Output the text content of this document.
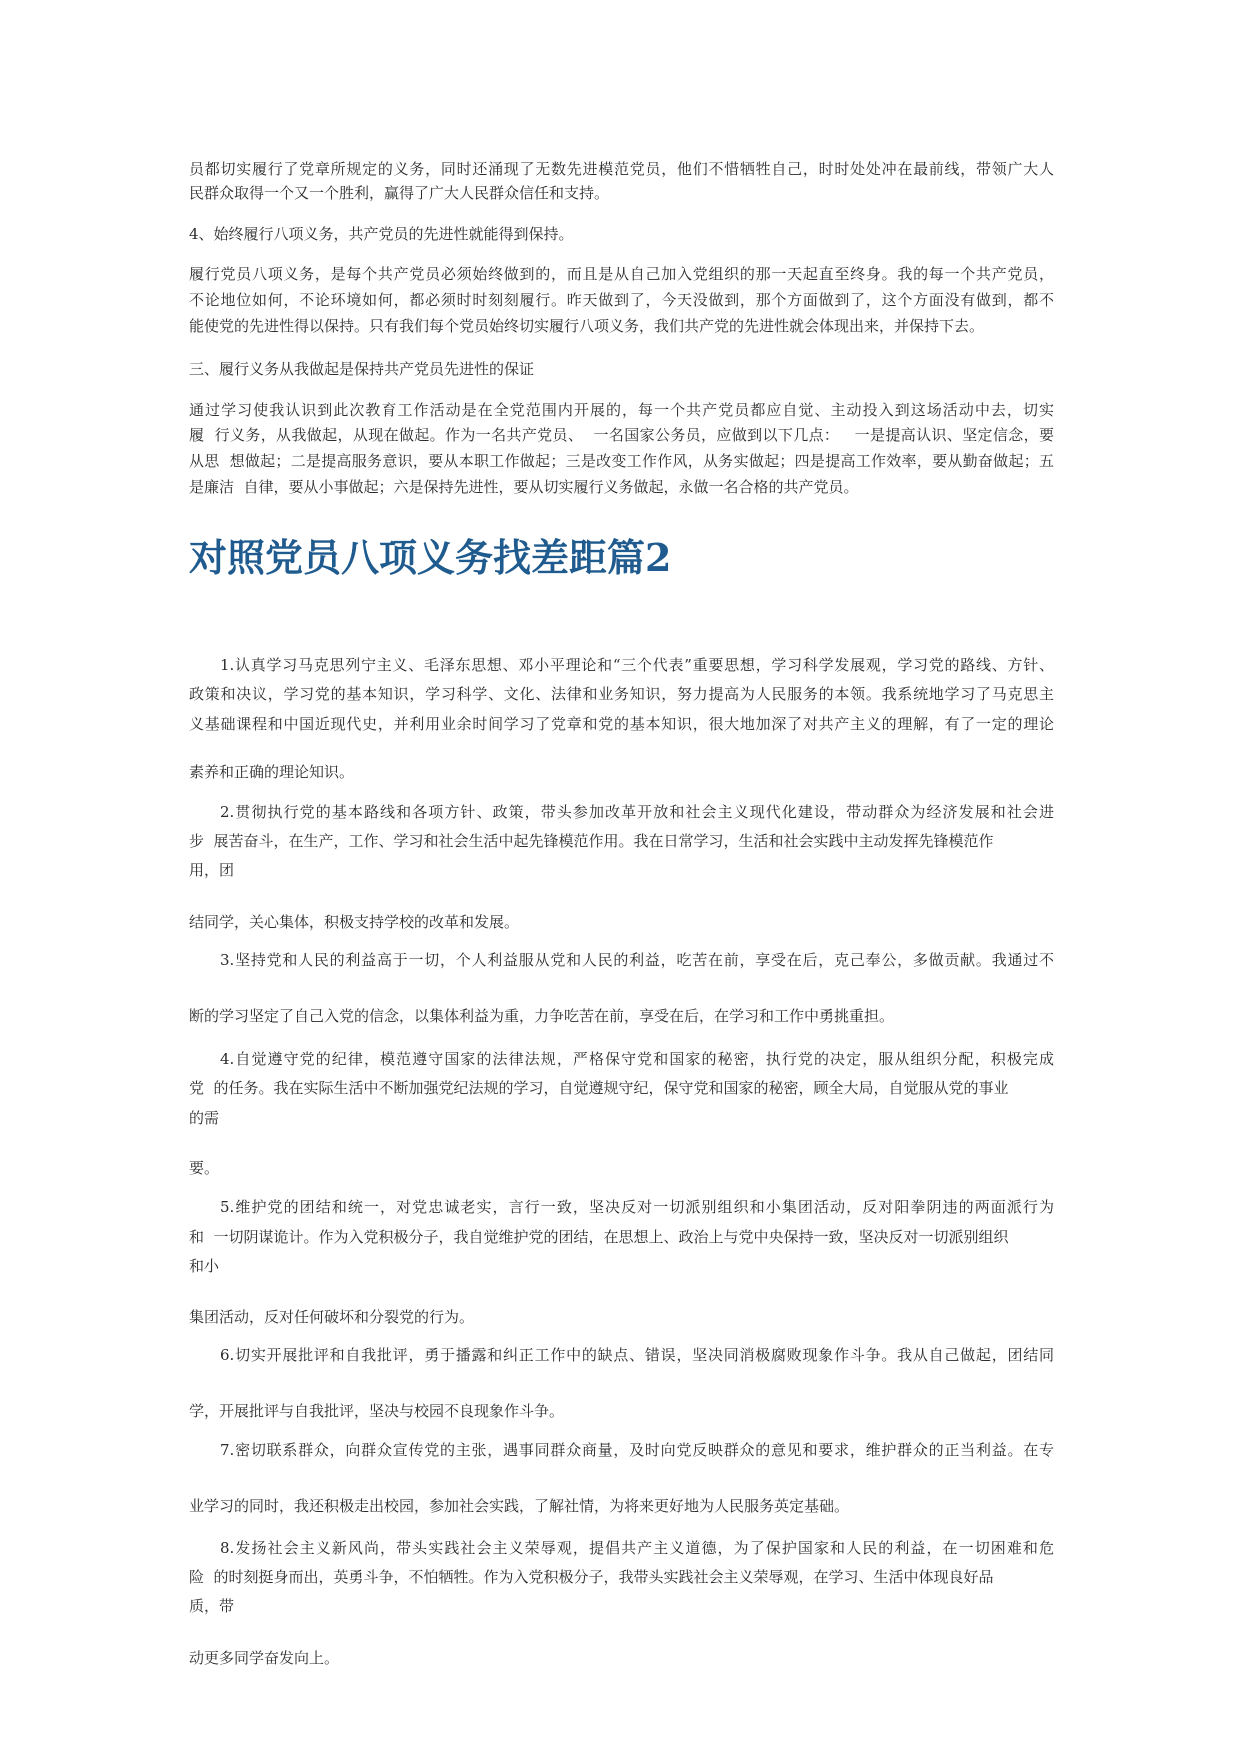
员都切实履行了党章所规定的义务，同时还涌现了无数先进模范党员，他们不惜牺牲自己，时时处处冲在最前线，带领广大人
民群众取得一个又一个胜利，赢得了广大人民群众信任和支持。
4、始终履行八项义务，共产党员的先进性就能得到保持。
履行党员八项义务，是每个共产党员必须始终做到的，而且是从自己加入党组织的那一天起直至终身。我的每一个共产党员，
不论地位如何，不论环境如何，都必须时时刻刻履行。昨天做到了，今天没做到，那个方面做到了，这个方面没有做到，都不
能使党的先进性得以保持。只有我们每个党员始终切实履行八项义务，我们共产党的先进性就会体现出来，并保持下去。
三、履行义务从我做起是保持共产党员先进性的保证
通过学习使我认识到此次教育工作活动是在全党范围内开展的，每一个共产党员都应自觉、主动投入到这场活动中去，切实
履  行义务，从我做起，从现在做起。作为一名共产党员、  一名国家公务员，应做到以下几点：   一是提高认识、坚定信念，要
从思  想做起；二是提高服务意识，要从本职工作做起；三是改变工作作风，从务实做起；四是提高工作效率，要从勤奋做起；五
是廉洁  自律，要从小事做起；六是保持先进性，要从切实履行义务做起，永做一名合格的共产党员。
对照党员八项义务找差距篇2
1.认真学习马克思列宁主义、毛泽东思想、邓小平理论和“三个代表”重要思想，学习科学发展观，学习党的路线、方针、
政策和决议，学习党的基本知识，学习科学、文化、法律和业务知识，努力提高为人民服务的本领。我系统地学习了马克思主
义基础课程和中国近现代史，并利用业余时间学习了党章和党的基本知识，很大地加深了对共产主义的理解，有了一定的理论
素养和正确的理论知识。
2.贯彻执行党的基本路线和各项方针、政策，带头参加改革开放和社会主义现代化建设，带动群众为经济发展和社会进
步  展苦奋斗，在生产，工作、学习和社会生活中起先锋模范作用。我在日常学习，生活和社会实践中主动发挥先锋模范作
用，团
结同学，关心集体，积极支持学校的改革和发展。
3.坚持党和人民的利益高于一切，个人利益服从党和人民的利益，吃苦在前，享受在后，克己奉公，多做贡献。我通过不
断的学习坚定了自己入党的信念，以集体利益为重，力争吃苦在前，享受在后，在学习和工作中勇挑重担。
4.自觉遵守党的纪律，模范遵守国家的法律法规，严格保守党和国家的秘密，执行党的决定，服从组织分配，积极完成
党  的任务。我在实际生活中不断加强党纪法规的学习，自觉遵规守纪，保守党和国家的秘密，顾全大局，自觉服从党的事业
的需
要。
5.维护党的团结和统一，对党忠诚老实，言行一致，坚决反对一切派别组织和小集团活动，反对阳拳阴违的两面派行为
和  一切阴谋诡计。作为入党积极分子，我自觉维护党的团结，在思想上、政治上与党中央保持一致，坚决反对一切派别组织
和小
集团活动，反对任何破坏和分裂党的行为。
6.切实开展批评和自我批评，勇于播露和纠正工作中的缺点、错误，坚决同消极腐败现象作斗争。我从自己做起，团结同
学，开展批评与自我批评，坚决与校园不良现象作斗争。
7.密切联系群众，向群众宣传党的主张，遇事同群众商量，及时向党反映群众的意见和要求，维护群众的正当利益。在专
业学习的同时，我还积极走出校园，参加社会实践，了解社情，为将来更好地为人民服务英定基础。
8.发扬社会主义新风尚，带头实践社会主义荣辱观，提倡共产主义道德，为了保护国家和人民的利益，在一切困难和危
险  的时刻挺身而出，英勇斗争，不怕牺牲。作为入党积极分子，我带头实践社会主义荣辱观，在学习、生活中体现良好品
质，带
动更多同学奋发向上。
